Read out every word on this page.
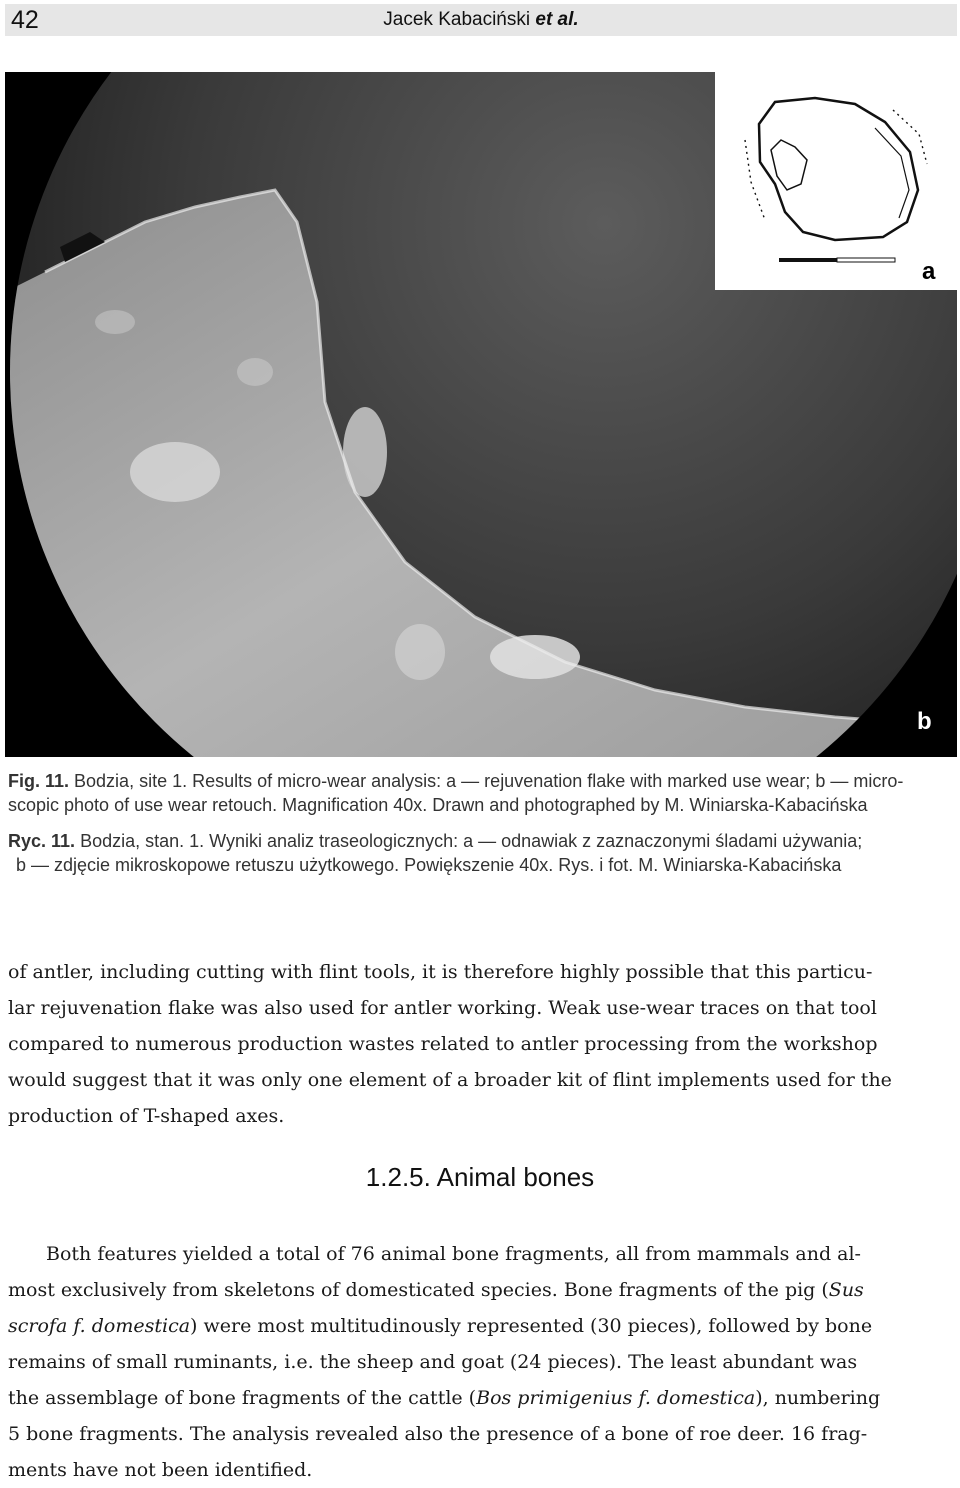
42	Jacek Kabaciński et al.
a
b
Fig. 11. Bodzia, site 1. Results of micro-wear analysis: a — rejuvenation flake with marked use wear; b — micro-
scopic photo of use wear retouch. Magnification 40x. Drawn and photographed by M. Winiarska-Kabacińska
Ryc. 11. Bodzia, stan. 1. Wyniki analiz traseologicznych: a — odnawiak z zaznaczonymi śladami używania;
b — zdjęcie mikroskopowe retuszu użytkowego. Powiększenie 40x. Rys. i fot. M. Winiarska-Kabacińska
of antler, including cutting with flint tools, it is therefore highly possible that this particu-
lar rejuvenation flake was also used for antler working. Weak use-wear traces on that tool
compared to numerous production wastes related to antler processing from the workshop
would suggest that it was only one element of a broader kit of flint implements used for the
production of T-shaped axes.
1.2.5. Animal bones
Both features yielded a total of 76 animal bone fragments, all from mammals and al-
most exclusively from skeletons of domesticated species. Bone fragments of the pig (Sus
scrofa f. domestica) were most multitudinously represented (30 pieces), followed by bone
remains of small ruminants, i.e. the sheep and goat (24 pieces). The least abundant was
the assemblage of bone fragments of the cattle (Bos primigenius f. domestica), numbering
5 bone fragments. The analysis revealed also the presence of a bone of roe deer. 16 frag-
ments have not been identified.
